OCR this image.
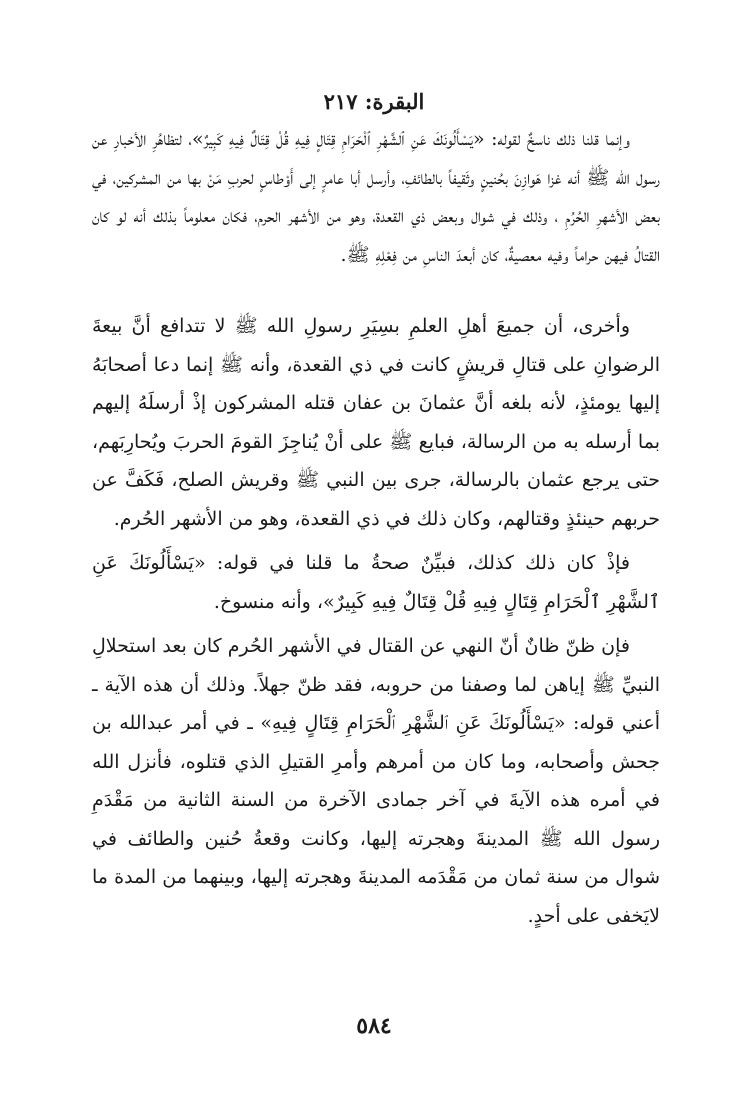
البقرة: ٢١٧

وإنما قلنا ذلك ناسخٌ لقوله: «يَسْأَلُونَكَ عَنِ ٱلشَّهْرِ ٱلْحَرَامِ قِتَالٍ فِيهِ قُلْ قِتَالٌ فِيهِ كَبِيرٌ»، لتظاهُرِ الأخبارِ عن رسول الله ﷺ أنه غزا هَوازِنَ بحُنينٍ وثَقيفاً بالطائفِ، وأرسل أبا عامرٍ إلى أَوْطاسٍ لحربِ مَنْ بها من المشركين، في بعض الأشهرِ الحُرُمِ ، وذلك في شوال وبعض ذي القعدة، وهو من الأشهر الحرم، فكان معلوماً بذلك أنه لو كان القتالُ فيهن حراماً وفيه معصيةٌ، كان أبعدَ الناسِ من فِعْلِهِ ﷺ.

وأخرى، أن جميعَ أهلِ العلمِ بسِيَرِ رسولِ الله ﷺ لا تتدافع أنَّ بيعةَ الرضوانِ على قتالِ قريشٍ كانت في ذي القعدة، وأنه ﷺ إنما دعا أصحابَهُ إليها يومئذٍ، لأنه بلغه أنَّ عثمانَ بن عفان قتله المشركون إذْ أرسلَهُ إليهم بما أرسله به من الرسالة، فبايع ﷺ على أنْ يُناجِزَ القومَ الحربَ ويُحارِبَهم، حتى يرجع عثمان بالرسالة، جرى بين النبي ﷺ وقريش الصلح، فَكَفَّ عن حربهم حينئذٍ وقتالهم، وكان ذلك في ذي القعدة، وهو من الأشهر الحُرم.

فإذْ كان ذلك كذلك، فبيِّنٌ صحةُ ما قلنا في قوله: «يَسْأَلُونَكَ عَنِ ٱلشَّهْرِ ٱلْحَرَامِ قِتَالٍ فِيهِ قُلْ قِتَالٌ فِيهِ كَبِيرٌ»، وأنه منسوخ.

فإن ظنّ ظانٌ أنّ النهي عن القتال في الأشهر الحُرم كان بعد استحلالِ النبيِّ ﷺ إياهن لما وصفنا من حروبه، فقد ظنّ جهلاً. وذلك أن هذه الآية ـ أعني قوله: «يَسْأَلُونَكَ عَنِ ٱلشَّهْرِ ٱلْحَرَامِ قِتَالٍ فِيهِ» ـ في أمر عبدالله بن جحش وأصحابه، وما كان من أمرهم وأمرِ القتيلِ الذي قتلوه، فأنزل الله في أمره هذه الآيةَ في آخر جمادى الآخرة من السنة الثانية من مَقْدَمِ رسول الله ﷺ المدينةَ وهجرته إليها، وكانت وقعةُ حُنين والطائف في شوال من سنة ثمان من مَقْدَمه المدينةَ وهجرته إليها، وبينهما من المدة ما لايَخفى على أحدٍ.

٥٨٤
